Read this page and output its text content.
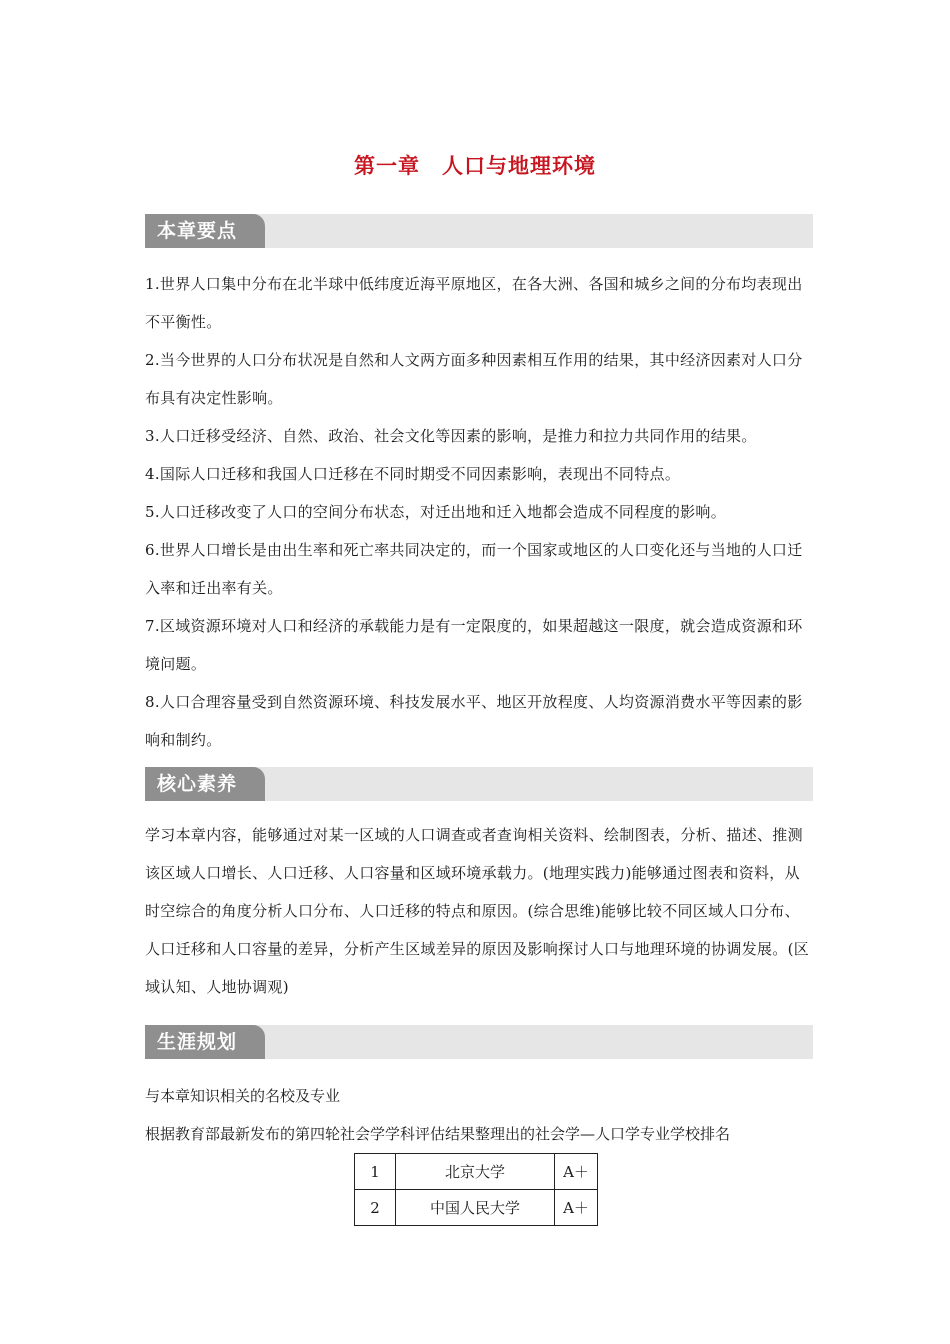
第一章　人口与地理环境
本章要点

1.世界人口集中分布在北半球中低纬度近海平原地区，在各大洲、各国和城乡之间的分布均表现出不平衡性。

2.当今世界的人口分布状况是自然和人文两方面多种因素相互作用的结果，其中经济因素对人口分布具有决定性影响。

3.人口迁移受经济、自然、政治、社会文化等因素的影响，是推力和拉力共同作用的结果。

4.国际人口迁移和我国人口迁移在不同时期受不同因素影响，表现出不同特点。

5.人口迁移改变了人口的空间分布状态，对迁出地和迁入地都会造成不同程度的影响。

6.世界人口增长是由出生率和死亡率共同决定的，而一个国家或地区的人口变化还与当地的人口迁入率和迁出率有关。

7.区域资源环境对人口和经济的承载能力是有一定限度的，如果超越这一限度，就会造成资源和环境问题。

8.人口合理容量受到自然资源环境、科技发展水平、地区开放程度、人均资源消费水平等因素的影响和制约。

核心素养

学习本章内容，能够通过对某一区域的人口调查或者查询相关资料、绘制图表，分析、描述、推测该区域人口增长、人口迁移、人口容量和区域环境承载力。(地理实践力)能够通过图表和资料，从时空综合的角度分析人口分布、人口迁移的特点和原因。(综合思维)能够比较不同区域人口分布、人口迁移和人口容量的差异，分析产生区域差异的原因及影响探讨人口与地理环境的协调发展。(区域认知、人地协调观)

生涯规划
与本章知识相关的名校及专业
根据教育部最新发布的第四轮社会学学科评估结果整理出的社会学—人口学专业学校排名
1	北京大学	A＋
2	中国人民大学	A＋
